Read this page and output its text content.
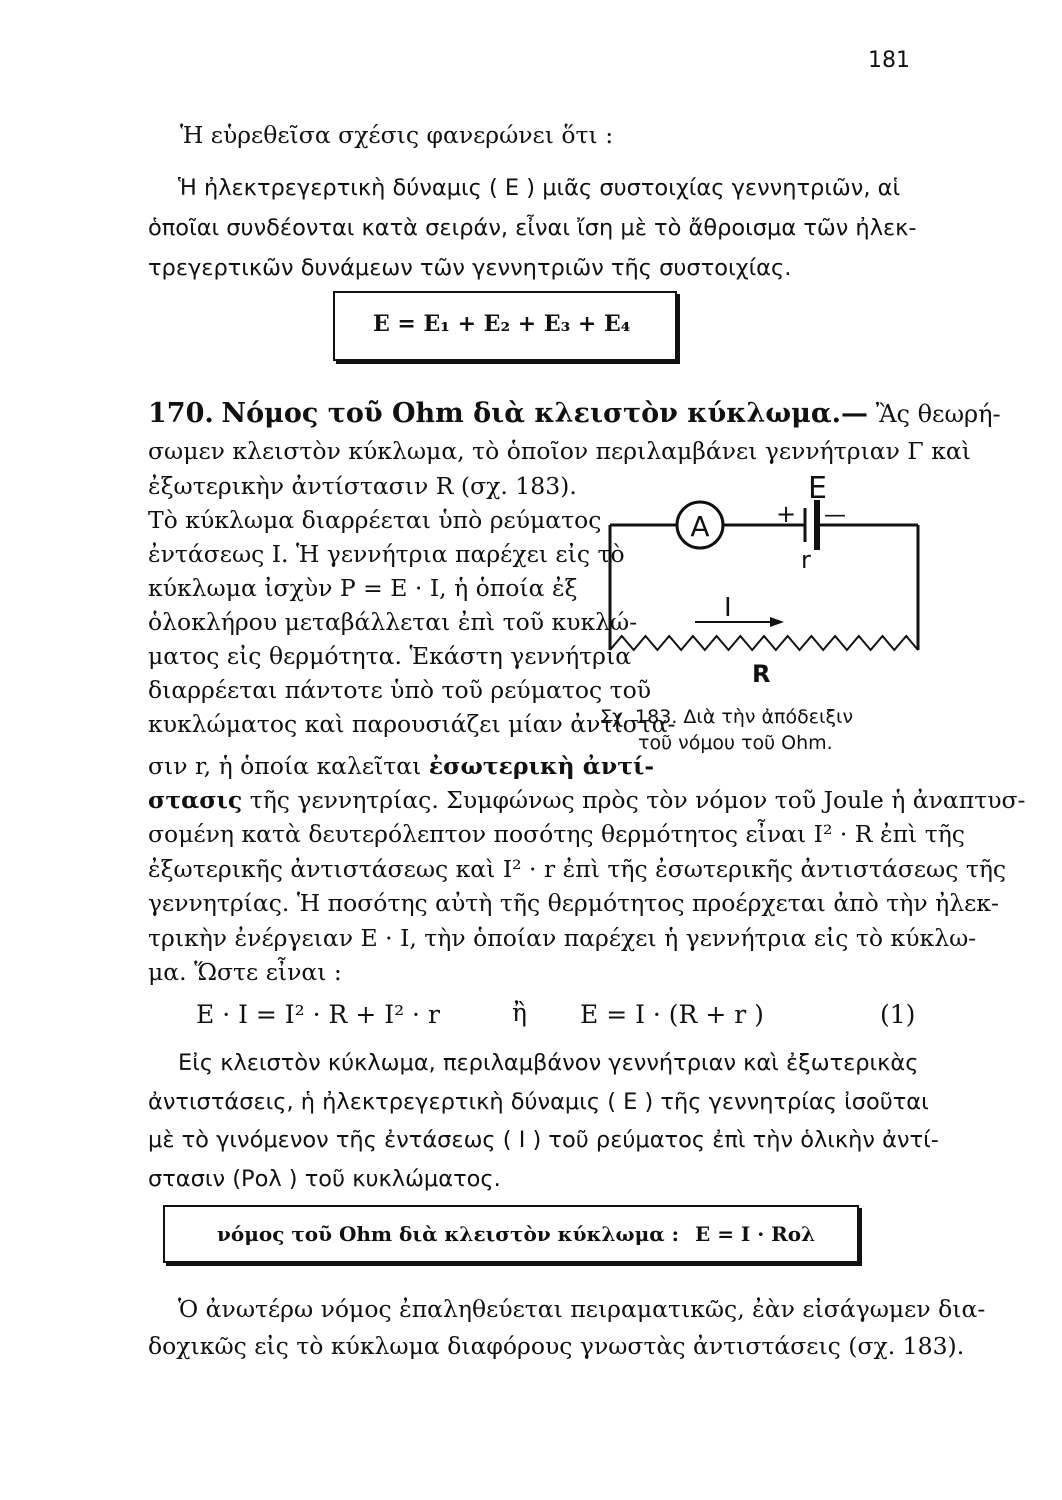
181
Ἡ εὑρεθεῖσα σχέσις φανερώνει ὅτι :
Ἡ ἠλεκτρεγερτικὴ δύναμις ( E ) μιᾶς συστοιχίας γεννητριῶν, αἱ
ὁποῖαι συνδέονται κατὰ σειράν, εἶναι ἴση μὲ τὸ ἄθροισμα τῶν ἠλεκ-
τρεγερτικῶν δυνάμεων τῶν γεννητριῶν τῆς συστοιχίας.
E = E₁ + E₂ + E₃ + E₄
170. Νόμος τοῦ Ohm διὰ κλειστὸν κύκλωμα.— Ἂς θεωρή-
σωμεν κλειστὸν κύκλωμα, τὸ ὁποῖον περιλαμβάνει γεννήτριαν Γ καὶ
ἐξωτερικὴν ἀντίστασιν R (σχ. 183).
Τὸ κύκλωμα διαρρέεται ὑπὸ ρεύματος
ἐντάσεως I. Ἡ γεννήτρια παρέχει εἰς τὸ
κύκλωμα ἰσχὺν P = E · I, ἡ ὁποία ἐξ
ὁλοκλήρου μεταβάλλεται ἐπὶ τοῦ κυκλώ-
ματος εἰς θερμότητα. Ἑκάστη γεννήτρια
διαρρέεται πάντοτε ὑπὸ τοῦ ρεύματος τοῦ
κυκλώματος καὶ παρουσιάζει μίαν ἀντίστα-
σιν r, ἡ ὁποία καλεῖται ἐσωτερικὴ ἀντί-
στασις τῆς γεννητρίας. Συμφώνως πρὸς τὸν νόμον τοῦ Joule ἡ ἀναπτυσ-
σομένη κατὰ δευτερόλεπτον ποσότης θερμότητος εἶναι I² · R ἐπὶ τῆς
ἐξωτερικῆς ἀντιστάσεως καὶ I² · r ἐπὶ τῆς ἐσωτερικῆς ἀντιστάσεως τῆς
γεννητρίας. Ἡ ποσότης αὐτὴ τῆς θερμότητος προέρχεται ἀπὸ τὴν ἠλεκ-
τρικὴν ἐνέργειαν E · I, τὴν ὁποίαν παρέχει ἡ γεννήτρια εἰς τὸ κύκλω-
μα. Ὥστε εἶναι :
E · I = I² · R + I² · r	ἢ E = I · (R + r )	(1)
Εἰς κλειστὸν κύκλωμα, περιλαμβάνον γεννήτριαν καὶ ἐξωτερικὰς
ἀντιστάσεις, ἡ ἠλεκτρεγερτικὴ δύναμις ( E ) τῆς γεννητρίας ἰσοῦται
μὲ τὸ γινόμενον τῆς ἐντάσεως ( I ) τοῦ ρεύματος ἐπὶ τὴν ὁλικὴν ἀντί-
στασιν (Pολ ) τοῦ κυκλώματος.
νόμος τοῦ Ohm διὰ κλειστὸν κύκλωμα : E = I · Rολ
Ὁ ἀνωτέρω νόμος ἐπαληθεύεται πειραματικῶς, ἐὰν εἰσάγωμεν δια-
δοχικῶς εἰς τὸ κύκλωμα διαφόρους γνωστὰς ἀντιστάσεις (σχ. 183).
A
E
+ —
r
I
R
Σχ. 183. Διὰ τὴν ἀπόδειξιν
τοῦ νόμου τοῦ Ohm.
